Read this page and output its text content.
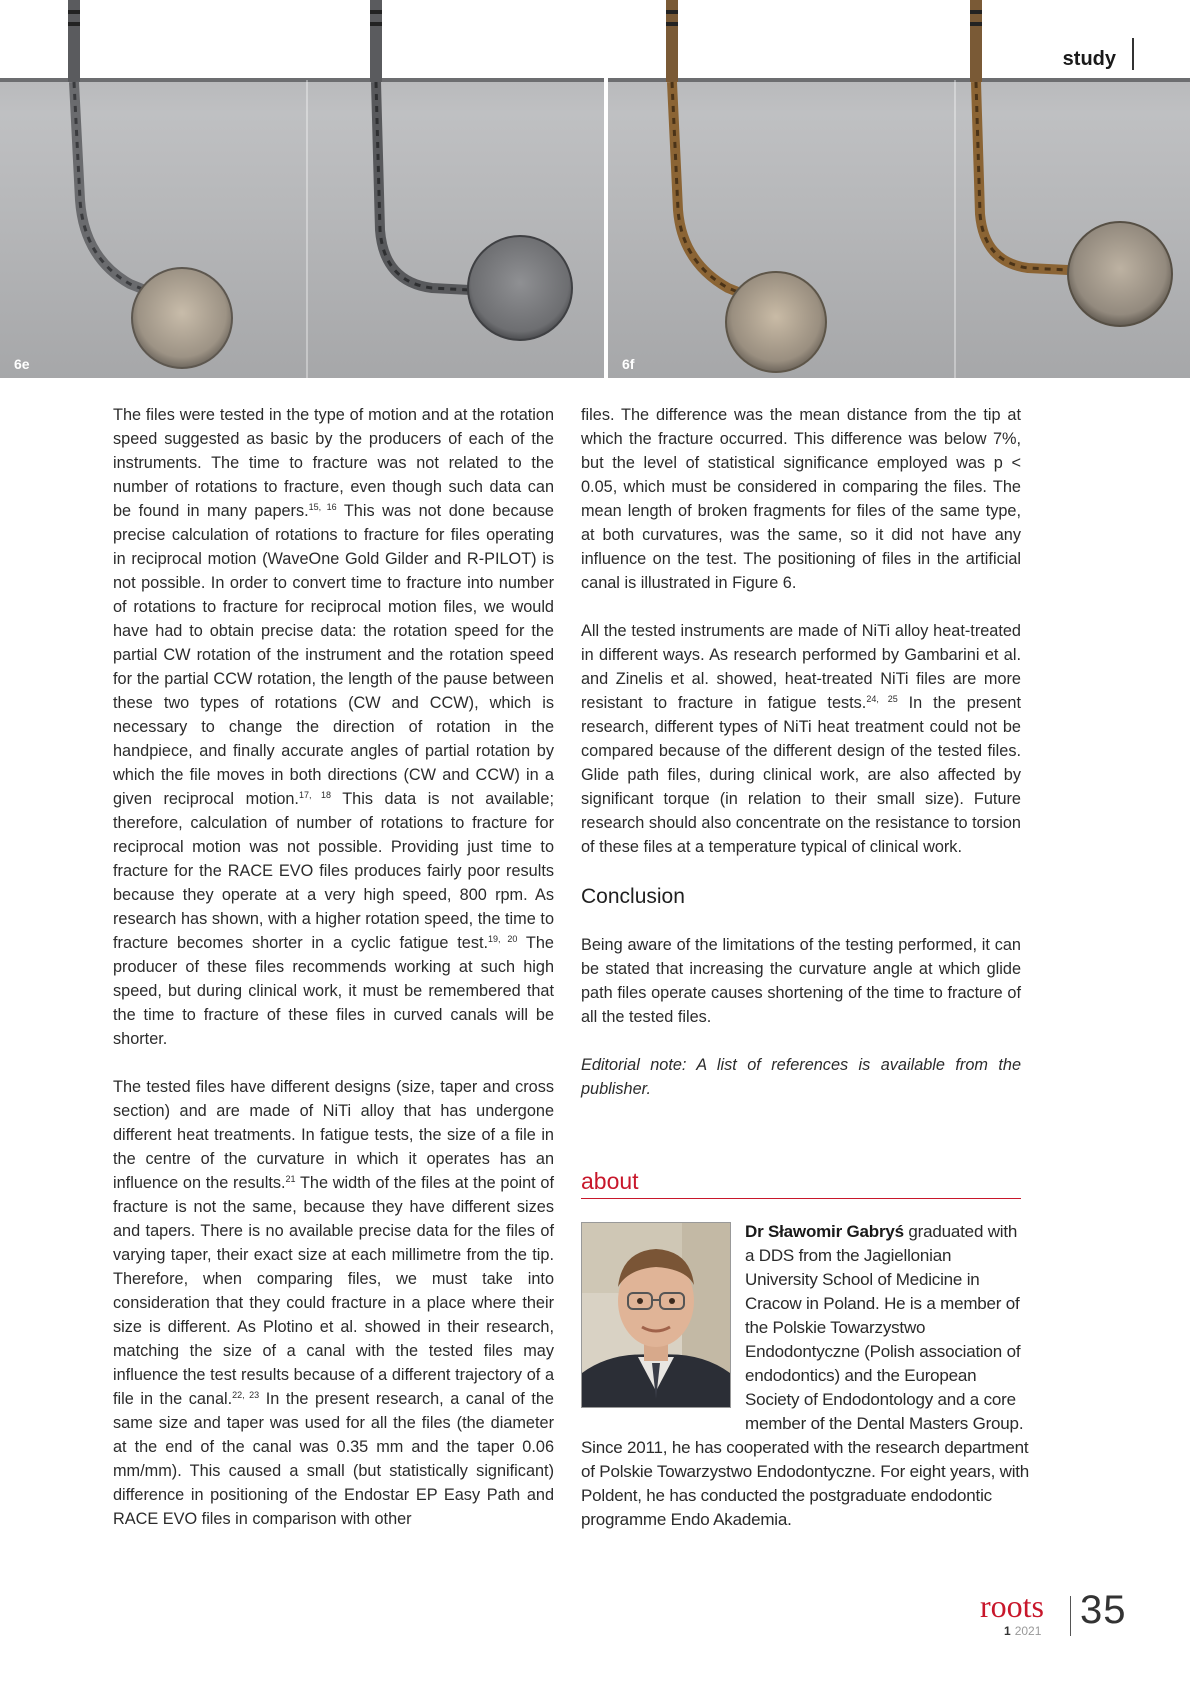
6e	6f
study

The files were tested in the type of motion and at the rotation speed suggested as basic by the producers of each of the instruments. The time to fracture was not related to the number of rotations to fracture, even though such data can be found in many papers.$^{15, 16}$ This was not done because precise calculation of rotations to fracture for files operating in reciprocal motion (WaveOne Gold Gilder and R-PILOT) is not possible. In order to convert time to fracture into number of rotations to fracture for reciprocal motion files, we would have had to obtain precise data: the rotation speed for the partial CW rotation of the instrument and the rotation speed for the partial CCW rotation, the length of the pause between these two types of rotations (CW and CCW), which is necessary to change the direction of rotation in the handpiece, and finally accurate angles of partial rotation by which the file moves in both directions (CW and CCW) in a given reciprocal motion.$^{17, 18}$ This data is not available; therefore, calculation of number of rotations to fracture for reciprocal motion was not possible. Providing just time to fracture for the RACE EVO files produces fairly poor results because they operate at a very high speed, 800 rpm. As research has shown, with a higher rotation speed, the time to fracture becomes shorter in a cyclic fatigue test.$^{19, 20}$ The producer of these files recommends working at such high speed, but during clinical work, it must be remembered that the time to fracture of these files in curved canals will be shorter.

The tested files have different designs (size, taper and cross section) and are made of NiTi alloy that has undergone different heat treatments. In fatigue tests, the size of a file in the centre of the curvature in which it operates has an influence on the results.$^{21}$ The width of the files at the point of fracture is not the same, because they have different sizes and tapers. There is no available precise data for the files of varying taper, their exact size at each millimetre from the tip. Therefore, when comparing files, we must take into consideration that they could fracture in a place where their size is different. As Plotino et al. showed in their research, matching the size of a canal with the tested files may influence the test results because of a different trajectory of a file in the canal.$^{22, 23}$ In the present research, a canal of the same size and taper was used for all the files (the diameter at the end of the canal was 0.35 mm and the taper 0.06 mm/mm). This caused a small (but statistically significant) difference in positioning of the Endostar EP Easy Path and RACE EVO files in comparison with other

files. The difference was the mean distance from the tip at which the fracture occurred. This difference was below 7%, but the level of statistical significance employed was p < 0.05, which must be considered in comparing the files. The mean length of broken fragments for files of the same type, at both curvatures, was the same, so it did not have any influence on the test. The positioning of files in the artificial canal is illustrated in Figure 6.

All the tested instruments are made of NiTi alloy heat-treated in different ways. As research performed by Gambarini et al. and Zinelis et al. showed, heat-treated NiTi files are more resistant to fracture in fatigue tests.$^{24, 25}$ In the present research, different types of NiTi heat treatment could not be compared because of the different design of the tested files. Glide path files, during clinical work, are also affected by significant torque (in relation to their small size). Future research should also concentrate on the resistance to torsion of these files at a temperature typical of clinical work.

Conclusion

Being aware of the limitations of the testing performed, it can be stated that increasing the curvature angle at which glide path files operate causes shortening of the time to fracture of all the tested files.

Editorial note: A list of references is available from the publisher.

about
Dr Sławomir Gabryś graduated with a DDS from the Jagiellonian University School of Medicine in Cracow in Poland. He is a member of the Polskie Towarzystwo Endodontyczne (Polish association of endodontics) and the European Society of Endodontology and a core member of the Dental Masters Group.
Since 2011, he has cooperated with the research department of Polskie Towarzystwo Endodontyczne. For eight years, with Poldent, he has conducted the postgraduate endodontic programme Endo Akademia.
roots
1 2021 35
